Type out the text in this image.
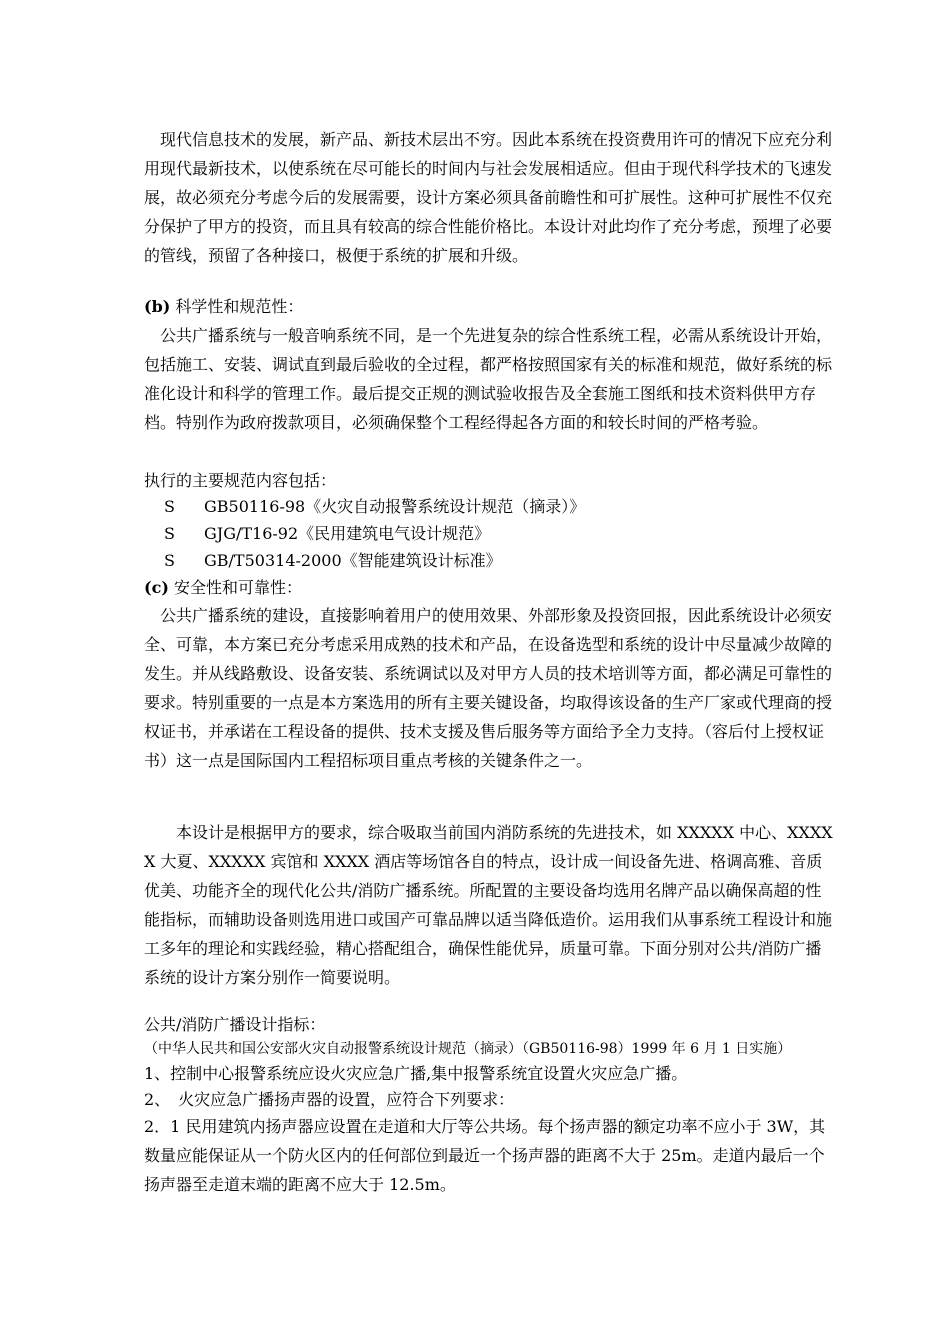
　现代信息技术的发展，新产品、新技术层出不穷。因此本系统在投资费用许可的情况下应充分利用现代最新技术，以使系统在尽可能长的时间内与社会发展相适应。但由于现代科学技术的飞速发展，故必须充分考虑今后的发展需要，设计方案必须具备前瞻性和可扩展性。这种可扩展性不仅充分保护了甲方的投资，而且具有较高的综合性能价格比。本设计对此均作了充分考虑，预埋了必要的管线，预留了各种接口，极便于系统的扩展和升级。

(b) 科学性和规范性：

　公共广播系统与一般音响系统不同，是一个先进复杂的综合性系统工程，必需从系统设计开始，包括施工、安装、调试直到最后验收的全过程，都严格按照国家有关的标准和规范，做好系统的标准化设计和科学的管理工作。最后提交正规的测试验收报告及全套施工图纸和技术资料供甲方存档。特别作为政府拨款项目，必须确保整个工程经得起各方面的和较长时间的严格考验。

执行的主要规范内容包括：
S GB50116-98《火灾自动报警系统设计规范（摘录）》
S GJG/T16-92《民用建筑电气设计规范》
S GB/T50314-2000《智能建筑设计标准》
(c) 安全性和可靠性：

　公共广播系统的建设，直接影响着用户的使用效果、外部形象及投资回报，因此系统设计必须安全、可靠，本方案已充分考虑采用成熟的技术和产品，在设备选型和系统的设计中尽量减少故障的发生。并从线路敷设、设备安装、系统调试以及对甲方人员的技术培训等方面，都必满足可靠性的要求。特别重要的一点是本方案选用的所有主要关键设备，均取得该设备的生产厂家或代理商的授权证书，并承诺在工程设备的提供、技术支援及售后服务等方面给予全力支持。（容后付上授权证书）这一点是国际国内工程招标项目重点考核的关键条件之一。

　　本设计是根据甲方的要求，综合吸取当前国内消防系统的先进技术，如 XXXXX 中心、XXXXX 大夏、XXXXX 宾馆和 XXXX 酒店等场馆各自的特点，设计成一间设备先进、格调高雅、音质优美、功能齐全的现代化公共/消防广播系统。所配置的主要设备均选用名牌产品以确保高超的性能指标，而辅助设备则选用进口或国产可靠品牌以适当降低造价。运用我们从事系统工程设计和施工多年的理论和实践经验，精心搭配组合，确保性能优异，质量可靠。下面分别对公共/消防广播系统的设计方案分别作一简要说明。

公共/消防广播设计指标：
（中华人民共和国公安部火灾自动报警系统设计规范（摘录）（GB50116-98）1999 年 6 月 1 日实施）
1、控制中心报警系统应设火灾应急广播,集中报警系统宜设置火灾应急广播。
2、　火灾应急广播扬声器的设置，应符合下列要求：

2．1 民用建筑内扬声器应设置在走道和大厅等公共场。每个扬声器的额定功率不应小于 3W，其数量应能保证从一个防火区内的任何部位到最近一个扬声器的距离不大于 25m。走道内最后一个扬声器至走道末端的距离不应大于 12.5m。
